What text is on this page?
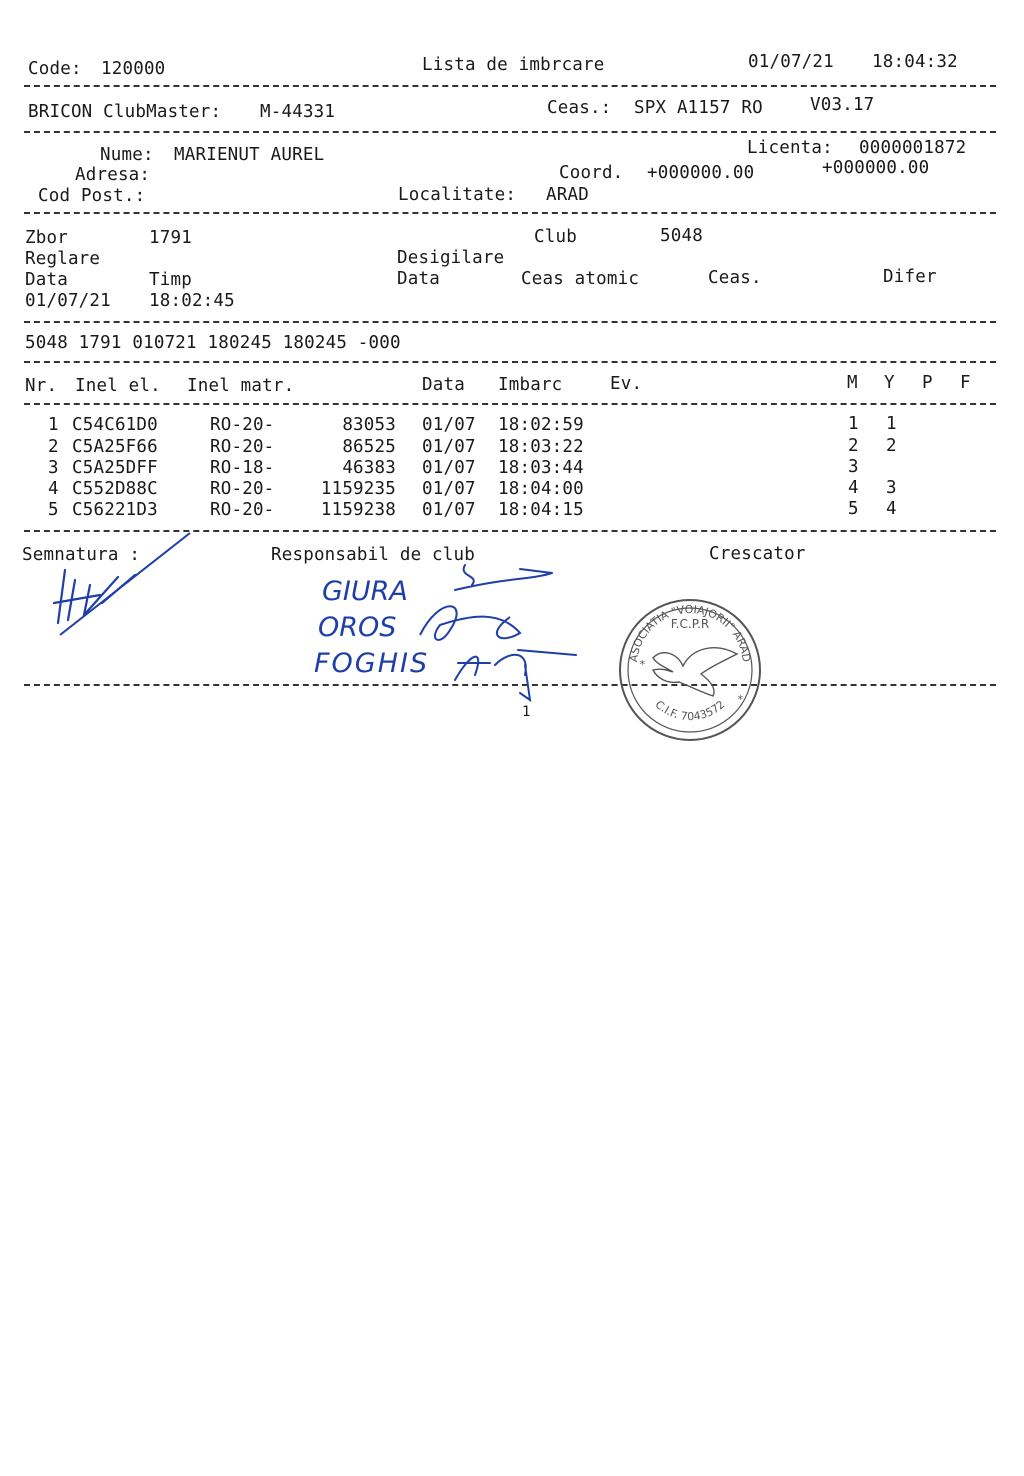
Code: 120000	Lista de imbrcare	01/07/21 18:04:32
BRICON ClubMaster: M-44331	Ceas.: SPX A1157 RO	V03.17
Nume: MARIENUT AUREL	Licenta: 0000001872
Adresa:	Coord. +000000.00	+000000.00
Cod Post.:	Localitate: ARAD
Zbor	1791	Club	5048
Reglare	Desigilare
Data	Timp	Data	Ceas atomic	Ceas.	Difer
01/07/21 18:02:45
5048 1791 010721 180245 180245 -000
Nr. Inel el. Inel matr.	Data Imbarc	Ev.	M Y P F
1 C54C61D0	RO-20-	83053 01/07 18:02:59	1 1
2 C5A25F66	RO-20-	86525 01/07 18:03:22	2 2
3 C5A25DFF	RO-18-	46383 01/07 18:03:44	3
4 C552D88C	RO-20-	1159235 01/07 18:04:00	4 3
5 C56221D3	RO-20-	1159238 01/07 18:04:15	5 4
Semnatura :	Responsabil de club	Crescator
GIURA
OROS
FOGHIS	ASOCIATIA "VOIAJORII" ARAD
F.C.P.R
*
*
C.I.F. 7043572
1
